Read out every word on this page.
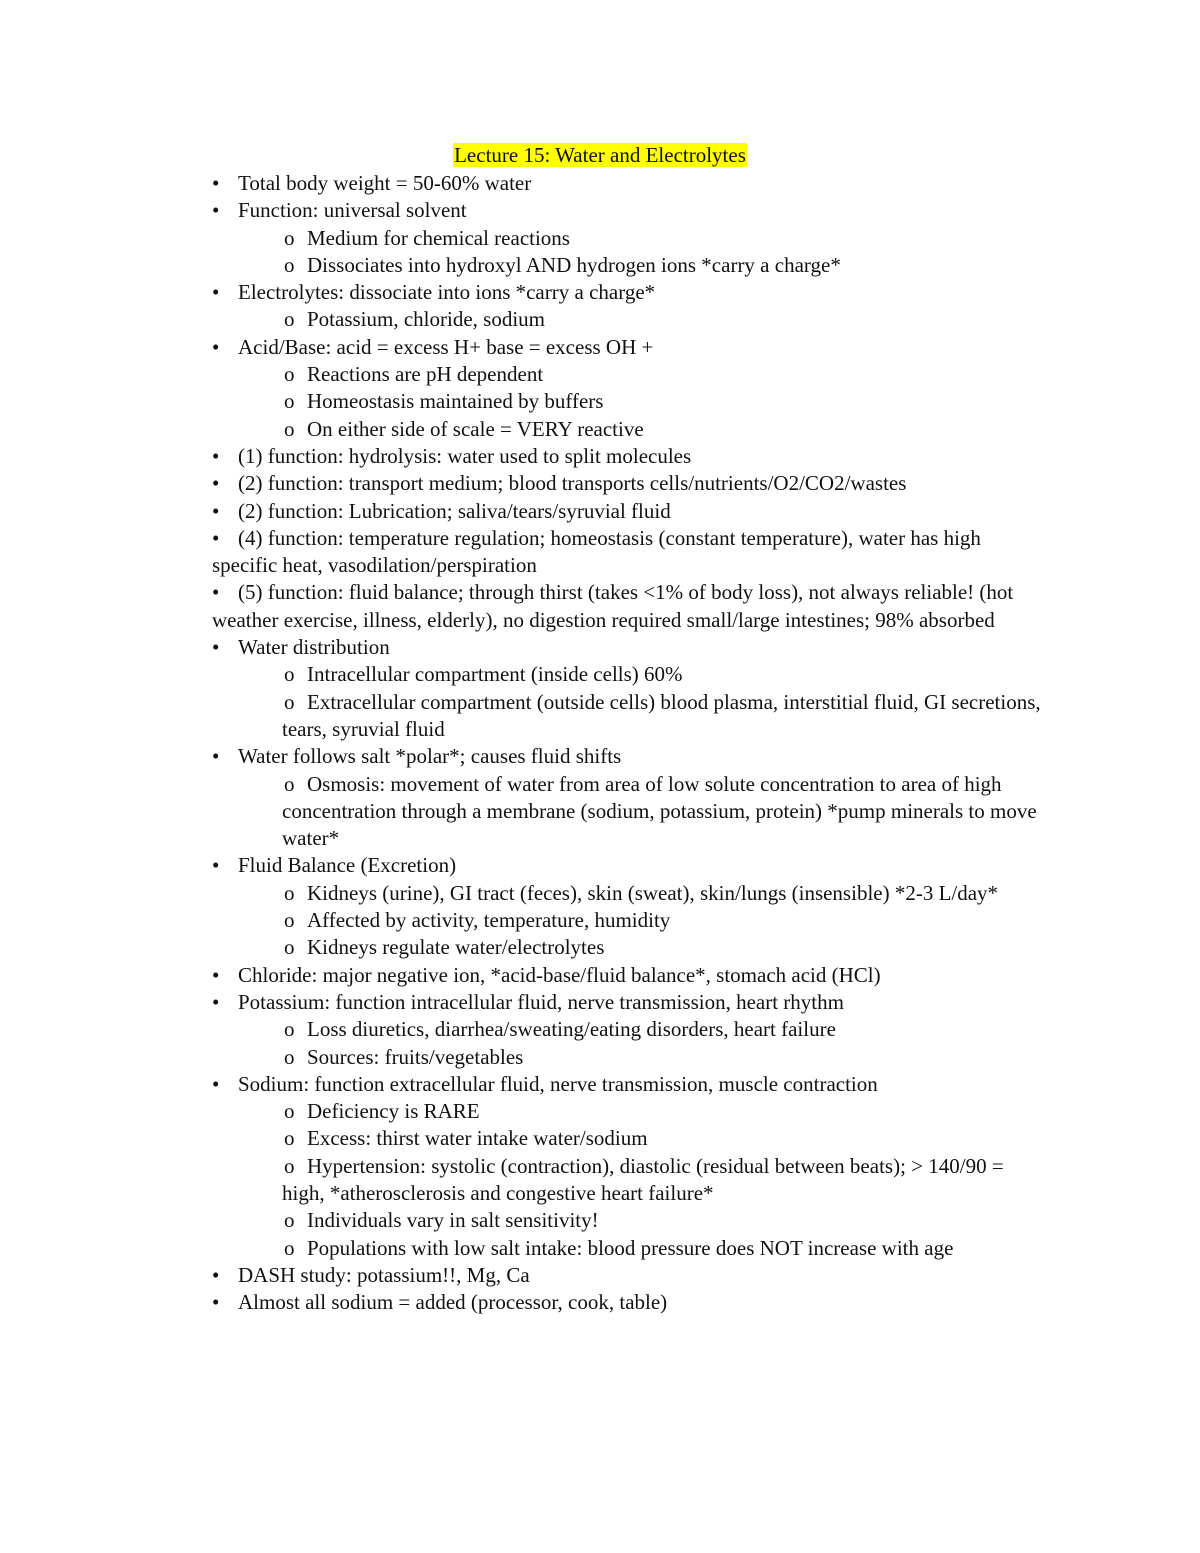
Lecture 15: Water and Electrolytes
• Total body weight = 50-60% water
• Function: universal solvent
o Medium for chemical reactions
o Dissociates into hydroxyl AND hydrogen ions *carry a charge*
• Electrolytes: dissociate into ions *carry a charge*
o Potassium, chloride, sodium
• Acid/Base: acid = excess H+ base = excess OH +
o Reactions are pH dependent
o Homeostasis maintained by buffers
o On either side of scale = VERY reactive
• (1) function: hydrolysis: water used to split molecules
• (2) function: transport medium; blood transports cells/nutrients/O2/CO2/wastes
• (2) function: Lubrication; saliva/tears/syruvial fluid
• (4) function: temperature regulation; homeostasis (constant temperature), water has high specific heat, vasodilation/perspiration
• (5) function: fluid balance; through thirst (takes <1% of body loss), not always reliable! (hot weather exercise, illness, elderly), no digestion required small/large intestines; 98% absorbed
• Water distribution
o Intracellular compartment (inside cells) 60%
o Extracellular compartment (outside cells) blood plasma, interstitial fluid, GI secretions, tears, syruvial fluid
• Water follows salt *polar*; causes fluid shifts
o Osmosis: movement of water from area of low solute concentration to area of high concentration through a membrane (sodium, potassium, protein) *pump minerals to move water*
• Fluid Balance (Excretion)
o Kidneys (urine), GI tract (feces), skin (sweat), skin/lungs (insensible) *2-3 L/day*
o Affected by activity, temperature, humidity
o Kidneys regulate water/electrolytes
• Chloride: major negative ion, *acid-base/fluid balance*, stomach acid (HCl)
• Potassium: function intracellular fluid, nerve transmission, heart rhythm
o Loss diuretics, diarrhea/sweating/eating disorders, heart failure
o Sources: fruits/vegetables
• Sodium: function extracellular fluid, nerve transmission, muscle contraction
o Deficiency is RARE
o Excess: thirst water intake water/sodium
o Hypertension: systolic (contraction), diastolic (residual between beats); > 140/90 = high, *atherosclerosis and congestive heart failure*
o Individuals vary in salt sensitivity!
o Populations with low salt intake: blood pressure does NOT increase with age
• DASH study: potassium!!, Mg, Ca
• Almost all sodium = added (processor, cook, table)
